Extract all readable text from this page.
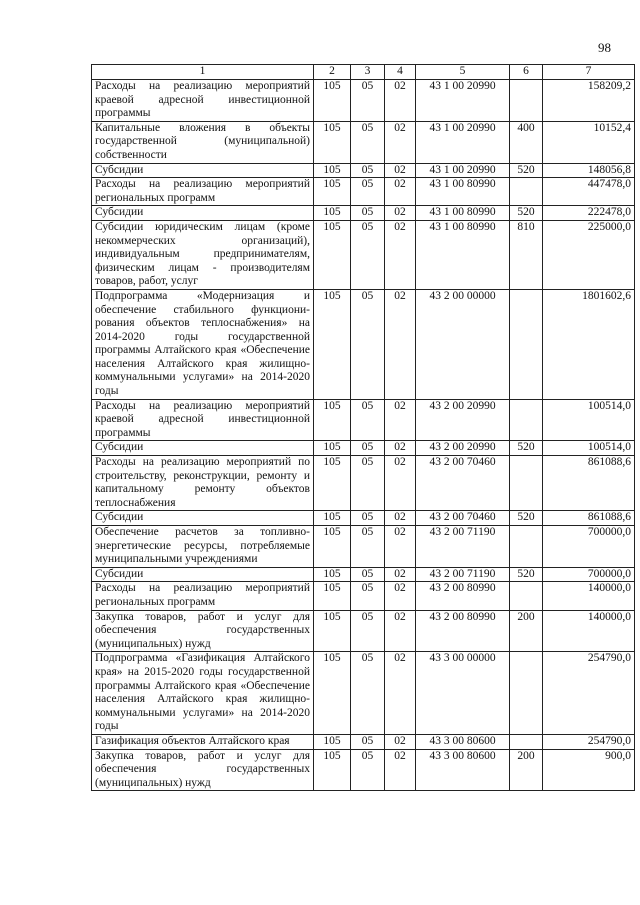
98
1	2	3	4	5	6	7
Расходы на реализацию мероприятий краевой адресной инвестиционной программы	105	05	02	43 1 00 20990		158209,2
Капитальные вложения в объекты государственной (муниципальной) собственности	105	05	02	43 1 00 20990	400	10152,4
Субсидии	105	05	02	43 1 00 20990	520	148056,8
Расходы на реализацию мероприятий региональных программ	105	05	02	43 1 00 80990		447478,0
Субсидии	105	05	02	43 1 00 80990	520	222478,0
Субсидии юридическим лицам (кроме некоммерческих организаций), индивидуальным предпринимателям, физическим лицам - производителям товаров, работ, услуг	105	05	02	43 1 00 80990	810	225000,0
Подпрограмма «Модернизация и обеспечение стабильного функционирования объектов теплоснабжения» на 2014-2020 годы государственной программы Алтайского края «Обеспечение населения Алтайского края жилищно-коммунальными услугами» на 2014-2020 годы	105	05	02	43 2 00 00000		1801602,6
Расходы на реализацию мероприятий краевой адресной инвестиционной программы	105	05	02	43 2 00 20990		100514,0
Субсидии	105	05	02	43 2 00 20990	520	100514,0
Расходы на реализацию мероприятий по строительству, реконструкции, ремонту и капитальному ремонту объектов теплоснабжения	105	05	02	43 2 00 70460		861088,6
Субсидии	105	05	02	43 2 00 70460	520	861088,6
Обеспечение расчетов за топливно-энергетические ресурсы, потребляемые муниципальными учреждениями	105	05	02	43 2 00 71190		700000,0
Субсидии	105	05	02	43 2 00 71190	520	700000,0
Расходы на реализацию мероприятий региональных программ	105	05	02	43 2 00 80990		140000,0
Закупка товаров, работ и услуг для обеспечения государственных (муниципальных) нужд	105	05	02	43 2 00 80990	200	140000,0
Подпрограмма «Газификация Алтайского края» на 2015-2020 годы государственной программы Алтайского края «Обеспечение населения Алтайского края жилищно-коммунальными услугами» на 2014-2020 годы	105	05	02	43 3 00 00000		254790,0
Газификация объектов Алтайского края	105	05	02	43 3 00 80600		254790,0
Закупка товаров, работ и услуг для обеспечения государственных (муниципальных) нужд	105	05	02	43 3 00 80600	200	900,0
